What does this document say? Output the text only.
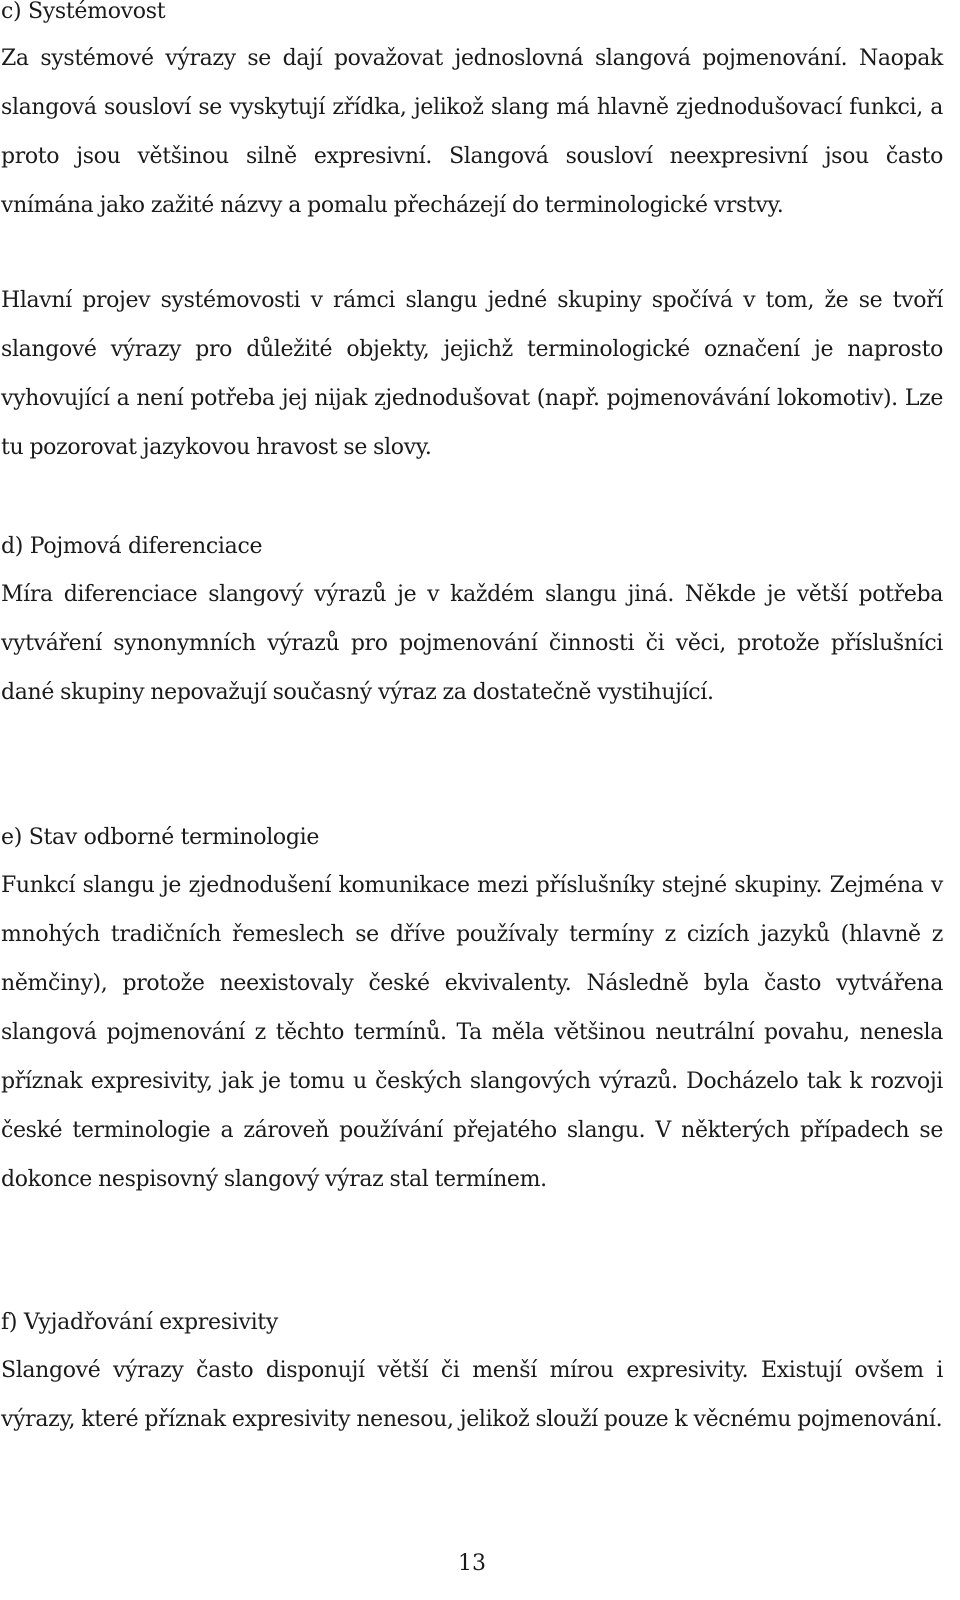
c) Systémovost

Za systémové výrazy se dají považovat jednoslovná slangová pojmenování. Naopak slangová sousloví se vyskytují zřídka, jelikož slang má hlavně zjednodušovací funkci, a proto jsou většinou silně expresivní. Slangová sousloví neexpresivní jsou často vnímána jako zažité názvy a pomalu přecházejí do terminologické vrstvy.

Hlavní projev systémovosti v rámci slangu jedné skupiny spočívá v tom, že se tvoří slangové výrazy pro důležité objekty, jejichž terminologické označení je naprosto vyhovující a není potřeba jej nijak zjednodušovat (např. pojmenovávání lokomotiv). Lze tu pozorovat jazykovou hravost se slovy.

d) Pojmová diferenciace

Míra diferenciace slangový výrazů je v každém slangu jiná. Někde je větší potřeba vytváření synonymních výrazů pro pojmenování činnosti či věci, protože příslušníci dané skupiny nepovažují současný výraz za dostatečně vystihující.

e) Stav odborné terminologie

Funkcí slangu je zjednodušení komunikace mezi příslušníky stejné skupiny. Zejména v mnohých tradičních řemeslech se dříve používaly termíny z cizích jazyků (hlavně z němčiny), protože neexistovaly české ekvivalenty. Následně byla často vytvářena slangová pojmenování z těchto termínů. Ta měla většinou neutrální povahu, nenesla příznak expresivity, jak je tomu u českých slangových výrazů. Docházelo tak k rozvoji české terminologie a zároveň používání přejatého slangu. V některých případech se dokonce nespisovný slangový výraz stal termínem.

f) Vyjadřování expresivity

Slangové výrazy často disponují větší či menší mírou expresivity. Existují ovšem i výrazy, které příznak expresivity nenesou, jelikož slouží pouze k věcnému pojmenování.

13
